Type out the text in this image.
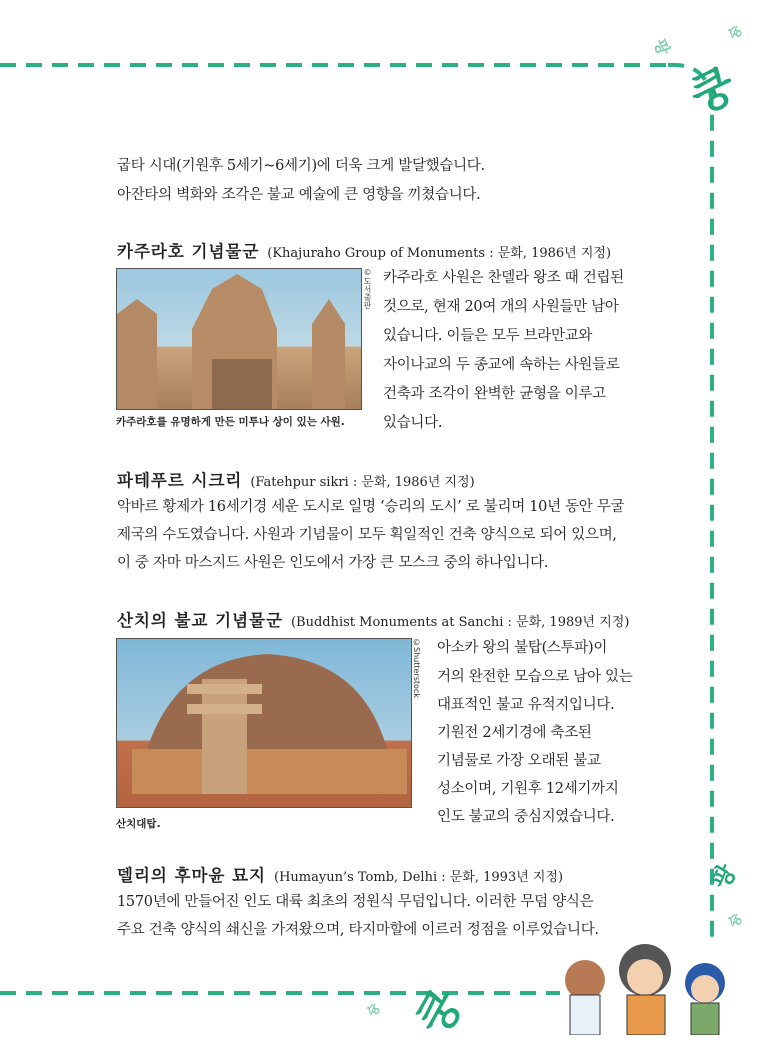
팡
쿵
슝
팡
슝
슝 쿵
굽타 시대(기원후 5세기~6세기)에 더욱 크게 발달했습니다.
아잔타의 벽화와 조각은 불교 예술에 큰 영향을 끼쳤습니다.
카주라호 기념물군 (Khajuraho Group of Monuments : 문화, 1986년 지정)
©도서출판
카주라호를 유명하게 만든 미투나 상이 있는 사원.
카주라호 사원은 찬델라 왕조 때 건립된
것으로, 현재 20여 개의 사원들만 남아
있습니다. 이들은 모두 브라만교와
자이나교의 두 종교에 속하는 사원들로
건축과 조각이 완벽한 균형을 이루고
있습니다.
파테푸르 시크리 (Fatehpur sikri : 문화, 1986년 지정)
악바르 황제가 16세기경 세운 도시로 일명 ‘승리의 도시’ 로 불리며 10년 동안 무굴
제국의 수도였습니다. 사원과 기념물이 모두 획일적인 건축 양식으로 되어 있으며,
이 중 자마 마스지드 사원은 인도에서 가장 큰 모스크 중의 하나입니다.
산치의 불교 기념물군 (Buddhist Monuments at Sanchi : 문화, 1989년 지정)
©Shutterstock
산치대탑.
아소카 왕의 불탑(스투파)이
거의 완전한 모습으로 남아 있는
대표적인 불교 유적지입니다.
기원전 2세기경에 축조된
기념물로 가장 오래된 불교
성소이며, 기원후 12세기까지
인도 불교의 중심지였습니다.
델리의 후마윤 묘지 (Humayun’s Tomb, Delhi : 문화, 1993년 지정)
1570년에 만들어진 인도 대륙 최초의 정원식 무덤입니다. 이러한 무덤 양식은
주요 건축 양식의 쇄신을 가져왔으며, 타지마할에 이르러 정점을 이루었습니다.
